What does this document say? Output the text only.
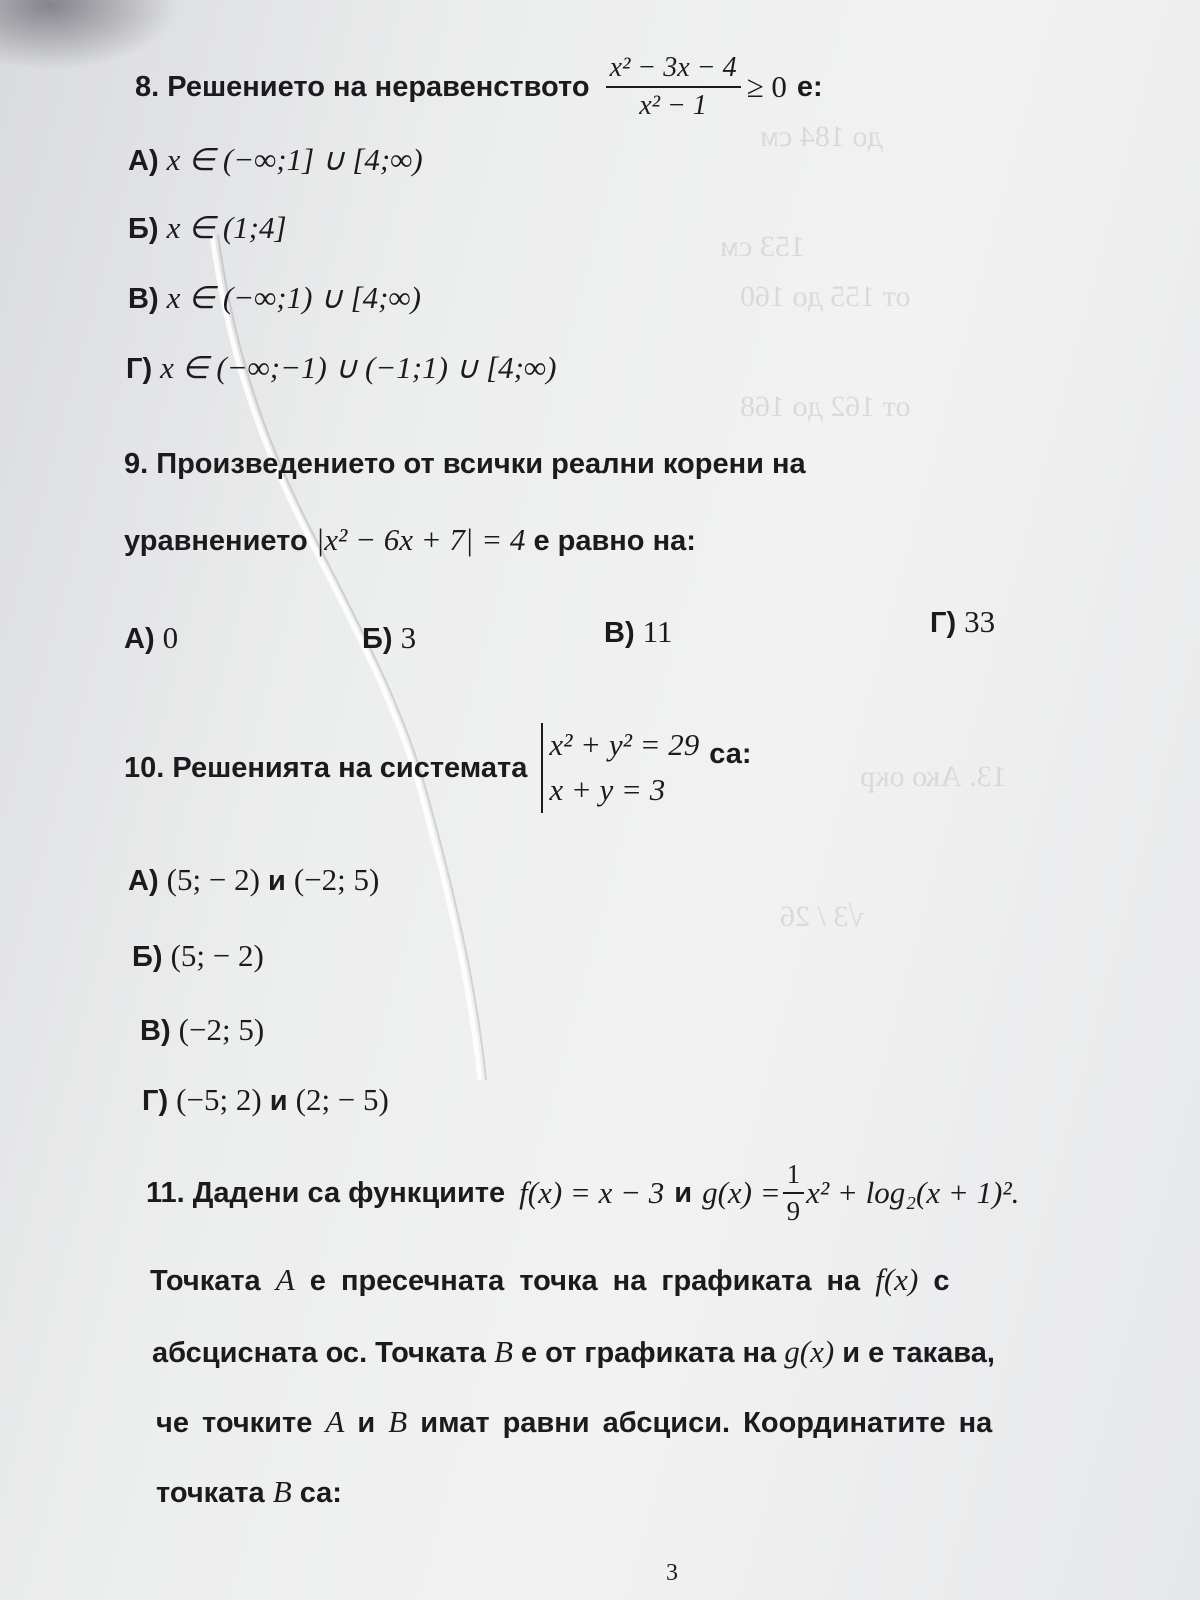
до 184 см
153 см
от 155 до 160
от 162 до 168
13. Ако окр
√3 / 26
8. Решението на неравенството $\frac{\text{x² − 3x − 4}}{\text{x² − 1}} \ge 0$ е:
А) x ∈ (−∞;1] ∪ [4;∞)
Б) x ∈ (1;4]
В) x ∈ (−∞;1) ∪ [4;∞)
Г) x ∈ (−∞;−1) ∪ (−1;1) ∪ [4;∞)
9. Произведението от всички реални корени на
уравнението |x² − 6x + 7| = 4 е равно на:
А) 0	Б) 3	В) 11	Г) 33
10. Решенията на системата
x² + y² = 29
x + y = 3
са:
А) (5; − 2) и (−2; 5)
Б) (5; − 2)
В) (−2; 5)
Г) (−5; 2) и (2; − 5)
11. Дадени са функциите f(x) = x − 3 и $g(x) = \frac{1}{9} x^2 + \log_2(x + 1)^2$.
Точката A е пресечната точка на графиката на f(x) с
абсцисната ос. Точката B е от графиката на g(x) и е такава,
че точките A и B имат равни абсциси. Координатите на
точката B са:
3
